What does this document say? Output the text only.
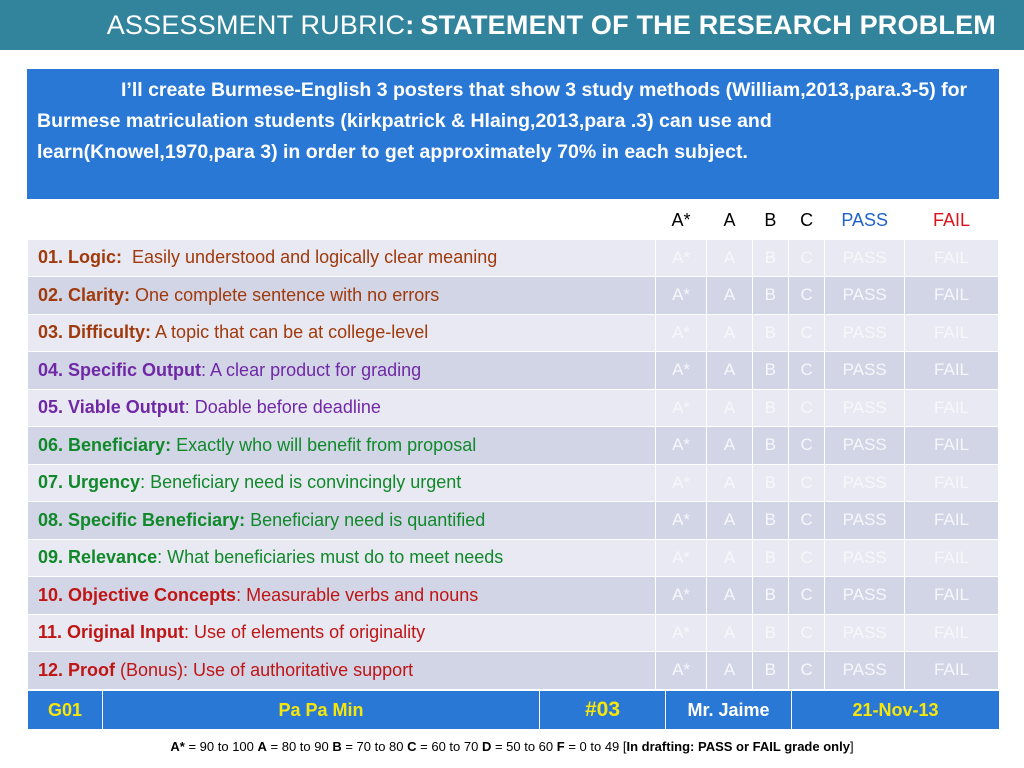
ASSESSMENT RUBRIC : STATEMENT OF THE RESEARCH PROBLEM

I’ll create Burmese-English 3 posters that show 3 study methods (William,2013,para.3-5) for Burmese matriculation students (kirkpatrick & Hlaing,2013,para .3) can use and learn(Knowel,1970,para 3) in order to get approximately 70% in each subject.

	A*	A	B	C	PASS	FAIL
01. Logic:  Easily understood and logically clear meaning	A*	A	B	C	PASS	FAIL
02. Clarity: One complete sentence with no errors	A*	A	B	C	PASS	FAIL
03. Difficulty: A topic that can be at college-level	A*	A	B	C	PASS	FAIL
04. Specific Output: A clear product for grading	A*	A	B	C	PASS	FAIL
05. Viable Output: Doable before deadline	A*	A	B	C	PASS	FAIL
06. Beneficiary: Exactly who will benefit from proposal	A*	A	B	C	PASS	FAIL
07. Urgency: Beneficiary need is convincingly urgent	A*	A	B	C	PASS	FAIL
08. Specific Beneficiary: Beneficiary need is quantified	A*	A	B	C	PASS	FAIL
09. Relevance: What beneficiaries must do to meet needs	A*	A	B	C	PASS	FAIL
10. Objective Concepts: Measurable verbs and nouns	A*	A	B	C	PASS	FAIL
11. Original Input: Use of elements of originality	A*	A	B	C	PASS	FAIL
12. Proof (Bonus): Use of authoritative support	A*	A	B	C	PASS	FAIL
G01	Pa Pa Min	#03	Mr. Jaime	21-Nov-13
A* = 90 to 100 A = 80 to 90 B = 70 to 80 C = 60 to 70 D = 50 to 60 F = 0 to 49 [In drafting: PASS or FAIL grade only]
